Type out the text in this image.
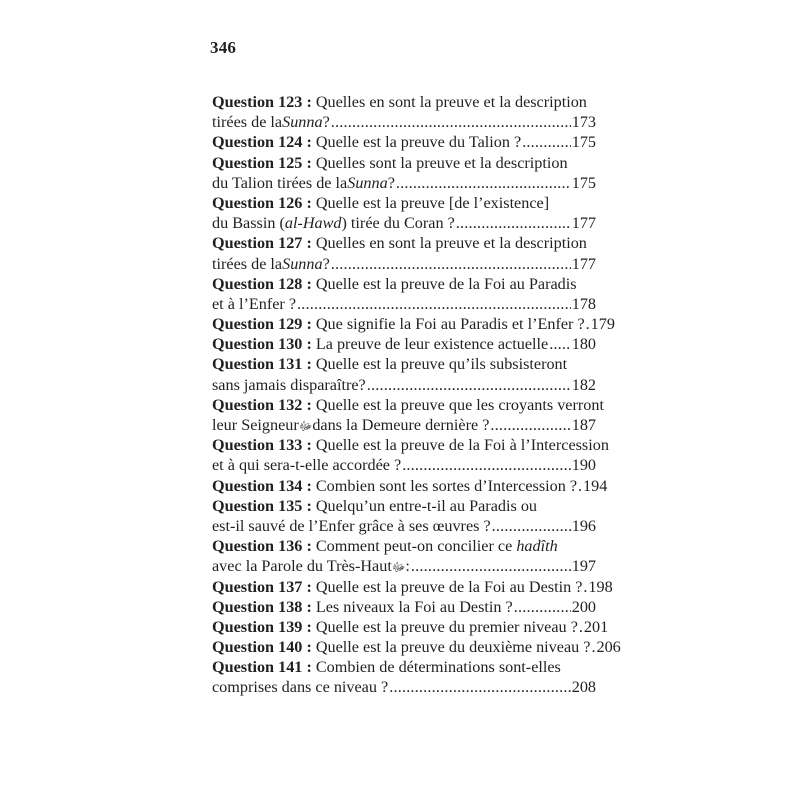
346
Question 123 : Quelles en sont la preuve et la description
tirées de la Sunna ? .....	173
Question 124 : Quelle est la preuve du Talion ? .....	175
Question 125 : Quelles sont la preuve et la description
du Talion tirées de la Sunna ? .....	175
Question 126 : Quelle est la preuve [de l’existence]
du Bassin ( al-Hawd ) tirée du Coran ? .....	177
Question 127 : Quelles en sont la preuve et la description
tirées de la Sunna ? .....	177
Question 128 : Quelle est la preuve de la Foi au Paradis
et à l’Enfer ? .....	178
Question 129 : Que signifie la Foi au Paradis et l’Enfer ? ..... 179
Question 130 : La preuve de leur existence actuelle ..... 180
Question 131 : Quelle est la preuve qu’ils subsisteront
sans jamais disparaître? .....	182
Question 132 : Quelle est la preuve que les croyants verront
leur Seigneur ﷻ dans la Demeure dernière ? .....	187
Question 133 : Quelle est la preuve de la Foi à l’Intercession
et à qui sera-t-elle accordée ? .....	190
Question 134 : Combien sont les sortes d’Intercession ? ..... 194
Question 135 : Quelqu’un entre-t-il au Paradis ou
est-il sauvé de l’Enfer grâce à ses œuvres ? .....	196
Question 136 : Comment peut-on concilier ce
hadîth
avec la Parole du Très-Haut ﷻ : .....	197
Question 137 : Quelle est la preuve de la Foi au Destin ? ..... 198
Question 138 : Les niveaux la Foi au Destin ? .....	200
Question 139 : Quelle est la preuve du premier niveau ? ..... 201
Question 140 : Quelle est la preuve du deuxième niveau ? ..... 206
Question 141 : Combien de déterminations sont-elles
comprises dans ce niveau ? .....	208
